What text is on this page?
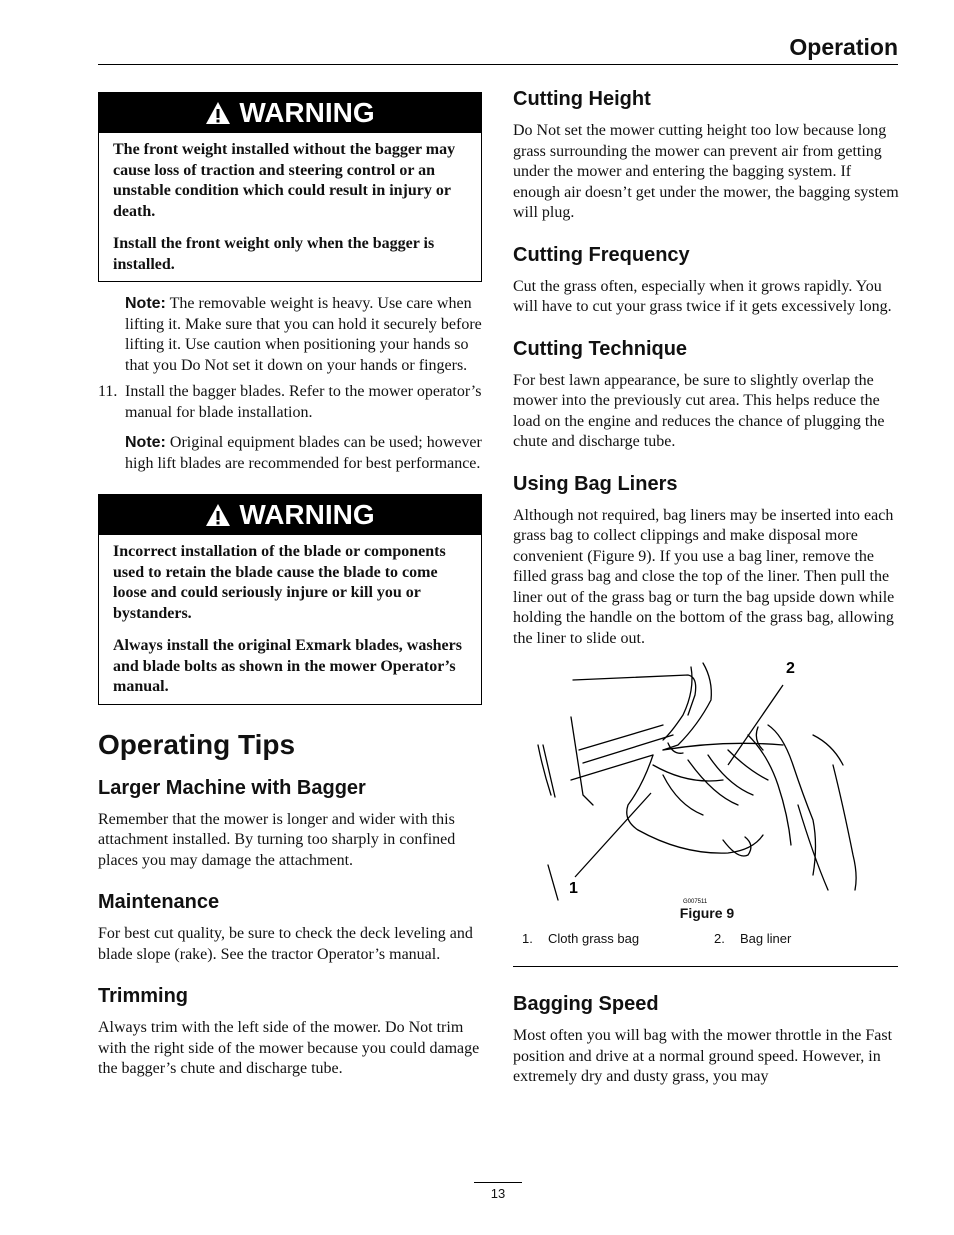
Operation
WARNING

The front weight installed without the bagger may cause loss of traction and steering control or an unstable condition which could result in injury or death.

Install the front weight only when the bagger is installed.

Note: The removable weight is heavy. Use care when lifting it. Make sure that you can hold it securely before lifting it. Use caution when positioning your hands so that you Do Not set it down on your hands or fingers.

11. Install the bagger blades. Refer to the mower operator’s manual for blade installation.

Note: Original equipment blades can be used; however high lift blades are recommended for best performance.

WARNING

Incorrect installation of the blade or components used to retain the blade cause the blade to come loose and could seriously injure or kill you or bystanders.

Always install the original Exmark blades, washers and blade bolts as shown in the mower Operator’s manual.

Operating Tips
Larger Machine with Bagger

Remember that the mower is longer and wider with this attachment installed. By turning too sharply in confined places you may damage the attachment.

Maintenance

For best cut quality, be sure to check the deck leveling and blade slope (rake). See the tractor Operator’s manual.

Trimming

Always trim with the left side of the mower. Do Not trim with the right side of the mower because you could damage the bagger’s chute and discharge tube.

Cutting Height

Do Not set the mower cutting height too low because long grass surrounding the mower can prevent air from getting under the mower and entering the bagging system. If enough air doesn’t get under the mower, the bagging system will plug.

Cutting Frequency

Cut the grass often, especially when it grows rapidly. You will have to cut your grass twice if it gets excessively long.

Cutting Technique

For best lawn appearance, be sure to slightly overlap the mower into the previously cut area. This helps reduce the load on the engine and reduces the chance of plugging the chute and discharge tube.

Using Bag Liners

Although not required, bag liners may be inserted into each grass bag to collect clippings and make disposal more convenient (Figure 9). If you use a bag liner, remove the filled grass bag and close the top of the liner. Then pull the liner out of the grass bag or turn the bag upside down while holding the handle on the bottom of the grass bag, allowing the liner to slide out.

1
2
G007511
Figure 9
1.	Cloth grass bag	2.	Bag liner
Bagging Speed

Most often you will bag with the mower throttle in the Fast position and drive at a normal ground speed. However, in extremely dry and dusty grass, you may

13
